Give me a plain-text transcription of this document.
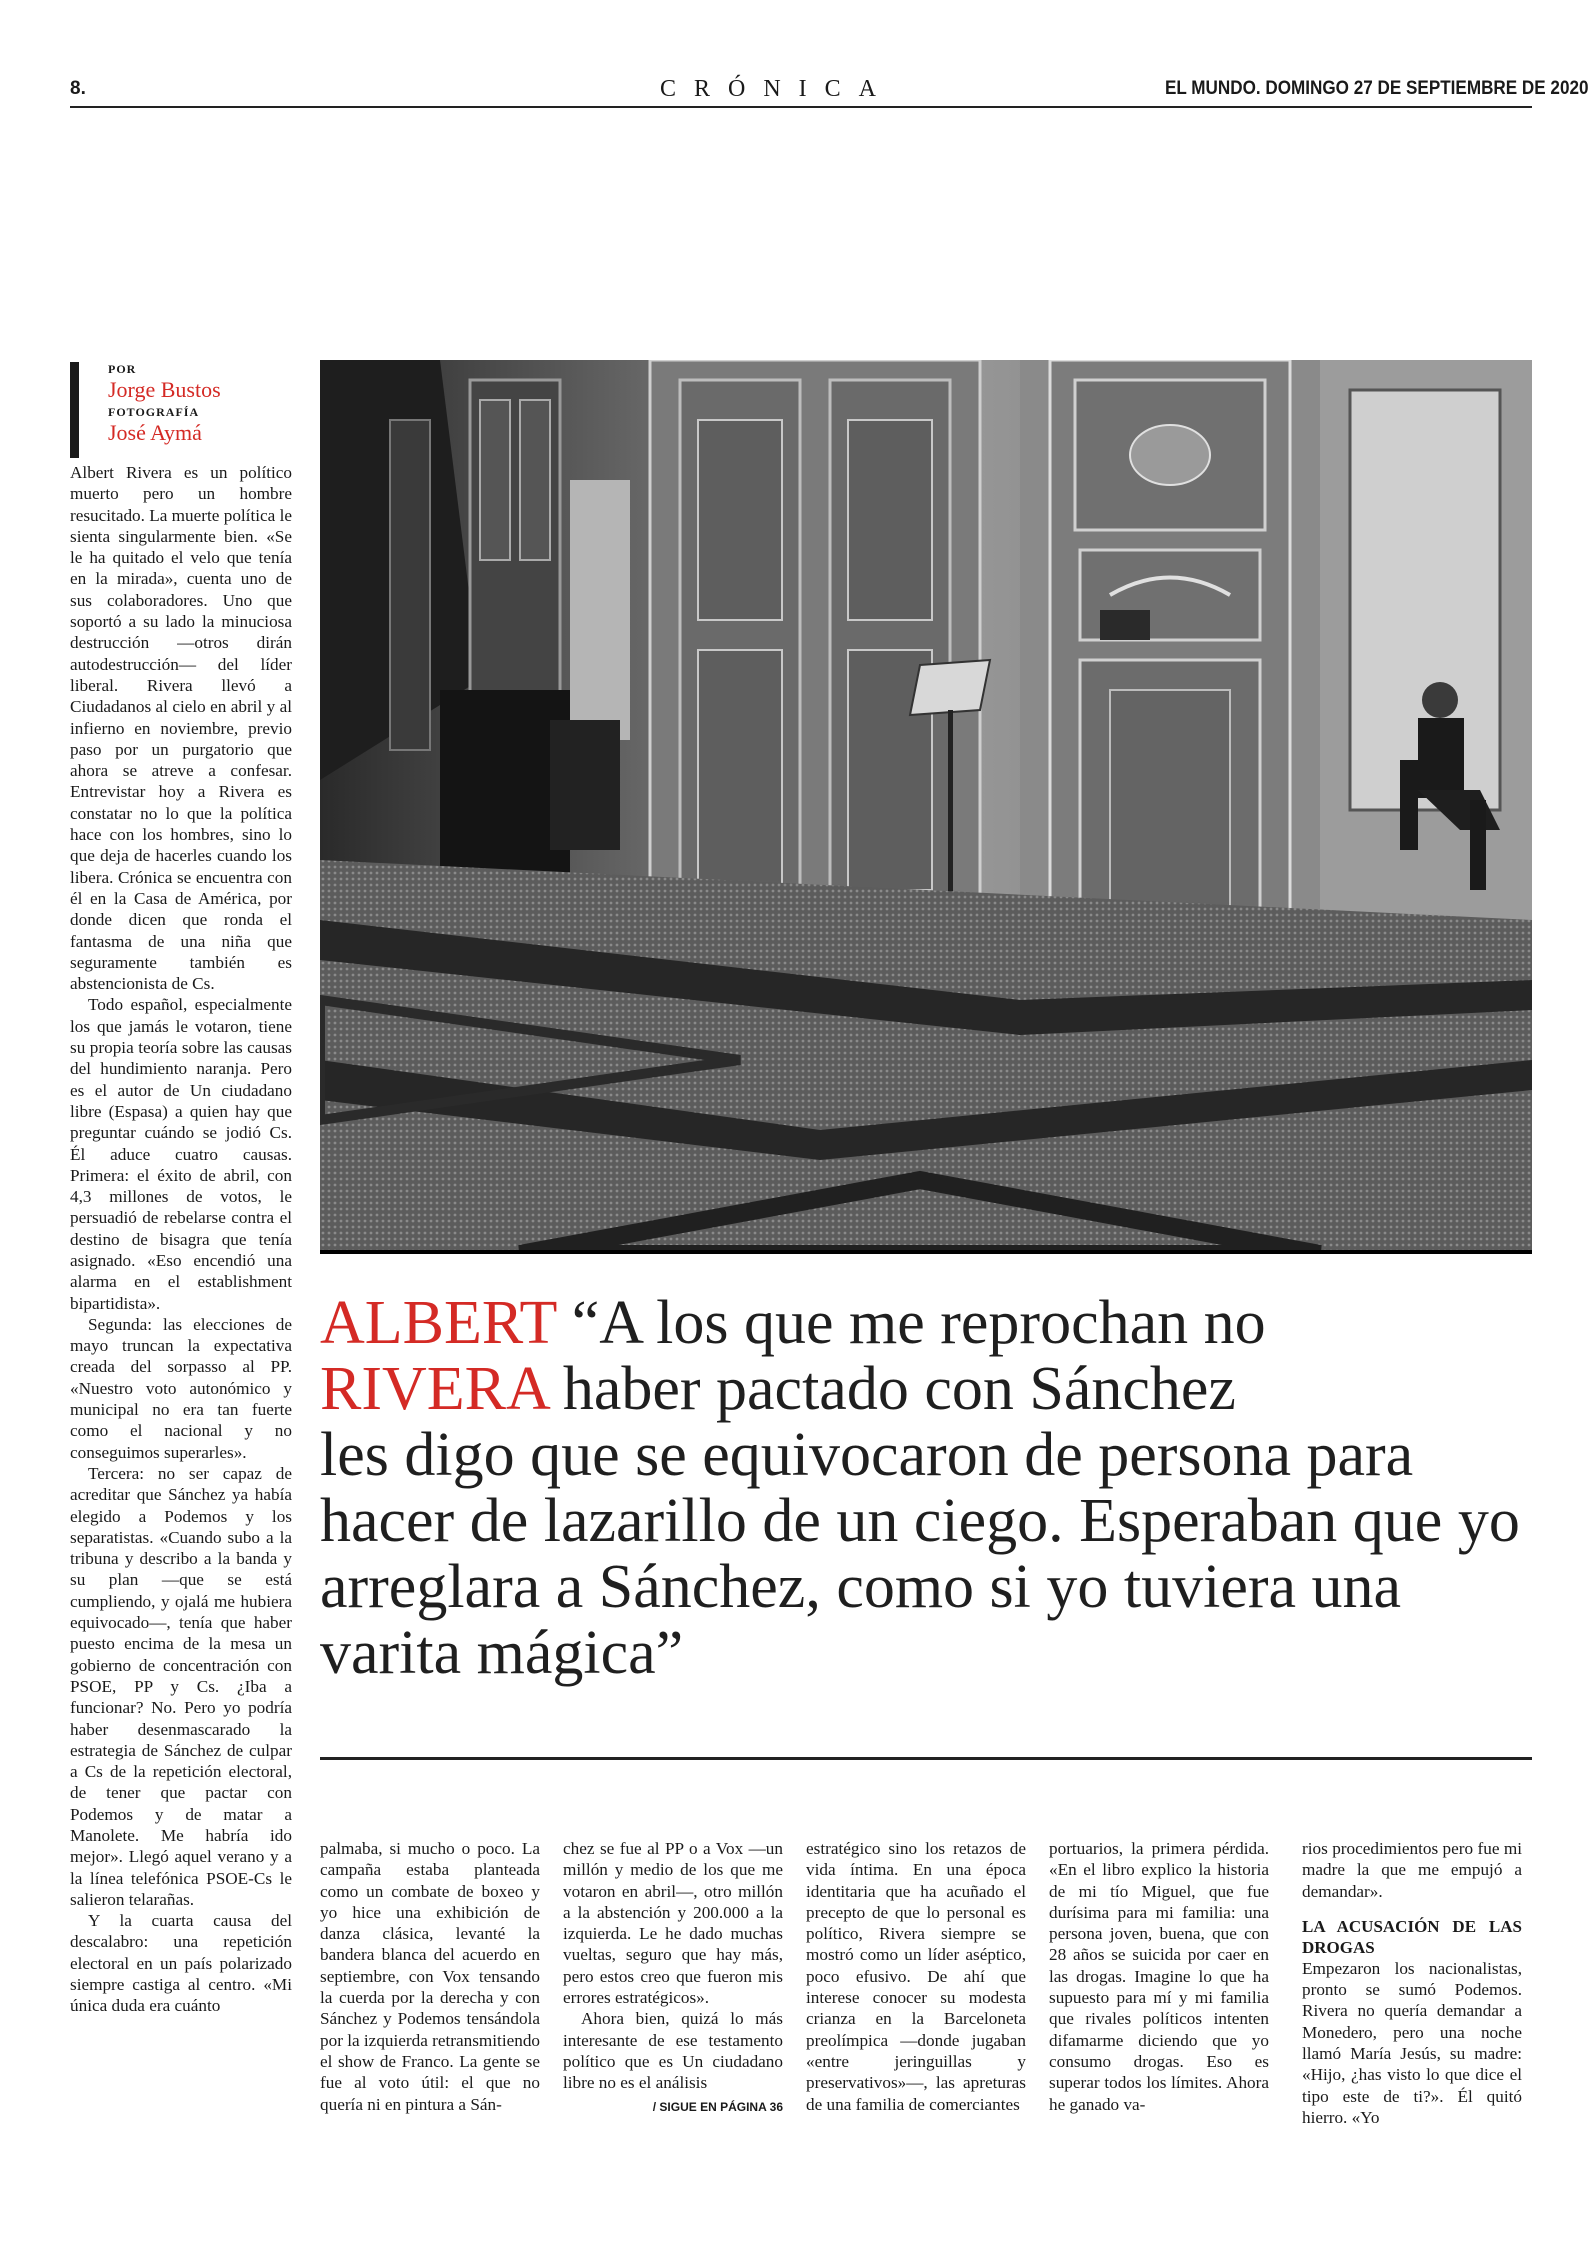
8.	CRÓNICA	EL MUNDO. DOMINGO 27 DE SEPTIEMBRE DE 2020
POR
Jorge Bustos
FOTOGRAFÍA
José Aymá

Albert Rivera es un político muerto pero un hombre resucitado. La muerte política le sienta singularmente bien. «Se le ha quitado el velo que tenía en la mirada», cuenta uno de sus colaboradores. Uno que soportó a su lado la minuciosa destrucción —otros dirán autodestrucción— del líder liberal. Rivera llevó a Ciudadanos al cielo en abril y al infierno en noviembre, previo paso por un purgatorio que ahora se atreve a confesar. Entrevistar hoy a Rivera es constatar no lo que la política hace con los hombres, sino lo que deja de hacerles cuando los libera. Crónica se encuentra con él en la Casa de América, por donde dicen que ronda el fantasma de una niña que seguramente también es abstencionista de Cs.

Todo español, especialmente los que jamás le votaron, tiene su propia teoría sobre las causas del hundimiento naranja. Pero es el autor de Un ciudadano libre (Espasa) a quien hay que preguntar cuándo se jodió Cs. Él aduce cuatro causas. Primera: el éxito de abril, con 4,3 millones de votos, le persuadió de rebelarse contra el destino de bisagra que tenía asignado. «Eso encendió una alarma en el establishment bipartidista».

Segunda: las elecciones de mayo truncan la expectativa creada del sorpasso al PP. «Nuestro voto autonómico y municipal no era tan fuerte como el nacional y no conseguimos superarles».

Tercera: no ser capaz de acreditar que Sánchez ya había elegido a Podemos y los separatistas. «Cuando subo a la tribuna y describo a la banda y su plan —que se está cumpliendo, y ojalá me hubiera equivocado—, tenía que haber puesto encima de la mesa un gobierno de concentración con PSOE, PP y Cs. ¿Iba a funcionar? No. Pero yo podría haber desenmascarado la estrategia de Sánchez de culpar a Cs de la repetición electoral, de tener que pactar con Podemos y de matar a Manolete. Me habría ido mejor». Llegó aquel verano y a la línea telefónica PSOE-Cs le salieron telarañas.

Y la cuarta causa del descalabro: una repetición electoral en un país polarizado siempre castiga al centro. «Mi única duda era cuánto

ALBERT “A los que me reprochan no
RIVERA haber pactado con Sánchez
les digo que se equivocaron de persona para hacer de lazarillo de un ciego. Esperaban que yo arreglara a Sánchez, como si yo tuviera una varita mágica”

palmaba, si mucho o poco. La campaña estaba planteada como un combate de boxeo y yo hice una exhibición de danza clásica, levanté la bandera blanca del acuerdo en septiembre, con Vox tensando la cuerda por la derecha y con Sánchez y Podemos tensándola por la izquierda retransmitiendo el show de Franco. La gente se fue al voto útil: el que no quería ni en pintura a Sán-

chez se fue al PP o a Vox —un millón y medio de los que me votaron en abril—, otro millón a la abstención y 200.000 a la izquierda. Le he dado muchas vueltas, seguro que hay más, pero estos creo que fueron mis errores estratégicos».

Ahora bien, quizá lo más interesante de ese testamento político que es Un ciudadano libre no es el análisis

/ SIGUE EN PÁGINA 36

estratégico sino los retazos de vida íntima. En una época identitaria que ha acuñado el precepto de que lo personal es político, Rivera siempre se mostró como un líder aséptico, poco efusivo. De ahí que interese conocer su modesta crianza en la Barceloneta preolímpica —donde jugaban «entre jeringuillas y preservativos»—, las apreturas de una familia de comerciantes

portuarios, la primera pérdida. «En el libro explico la historia de mi tío Miguel, que fue durísima para mi familia: una persona joven, buena, que con 28 años se suicida por caer en las drogas. Imagine lo que ha supuesto para mí y mi familia que rivales políticos intenten difamarme diciendo que yo consumo drogas. Eso es superar todos los límites. Ahora he ganado va-

rios procedimientos pero fue mi madre la que me empujó a demandar».

LA ACUSACIÓN DE LAS DROGAS

Empezaron los nacionalistas, pronto se sumó Podemos. Rivera no quería demandar a Monedero, pero una noche llamó María Jesús, su madre: «Hijo, ¿has visto lo que dice el tipo este de ti?». Él quitó hierro. «Yo
